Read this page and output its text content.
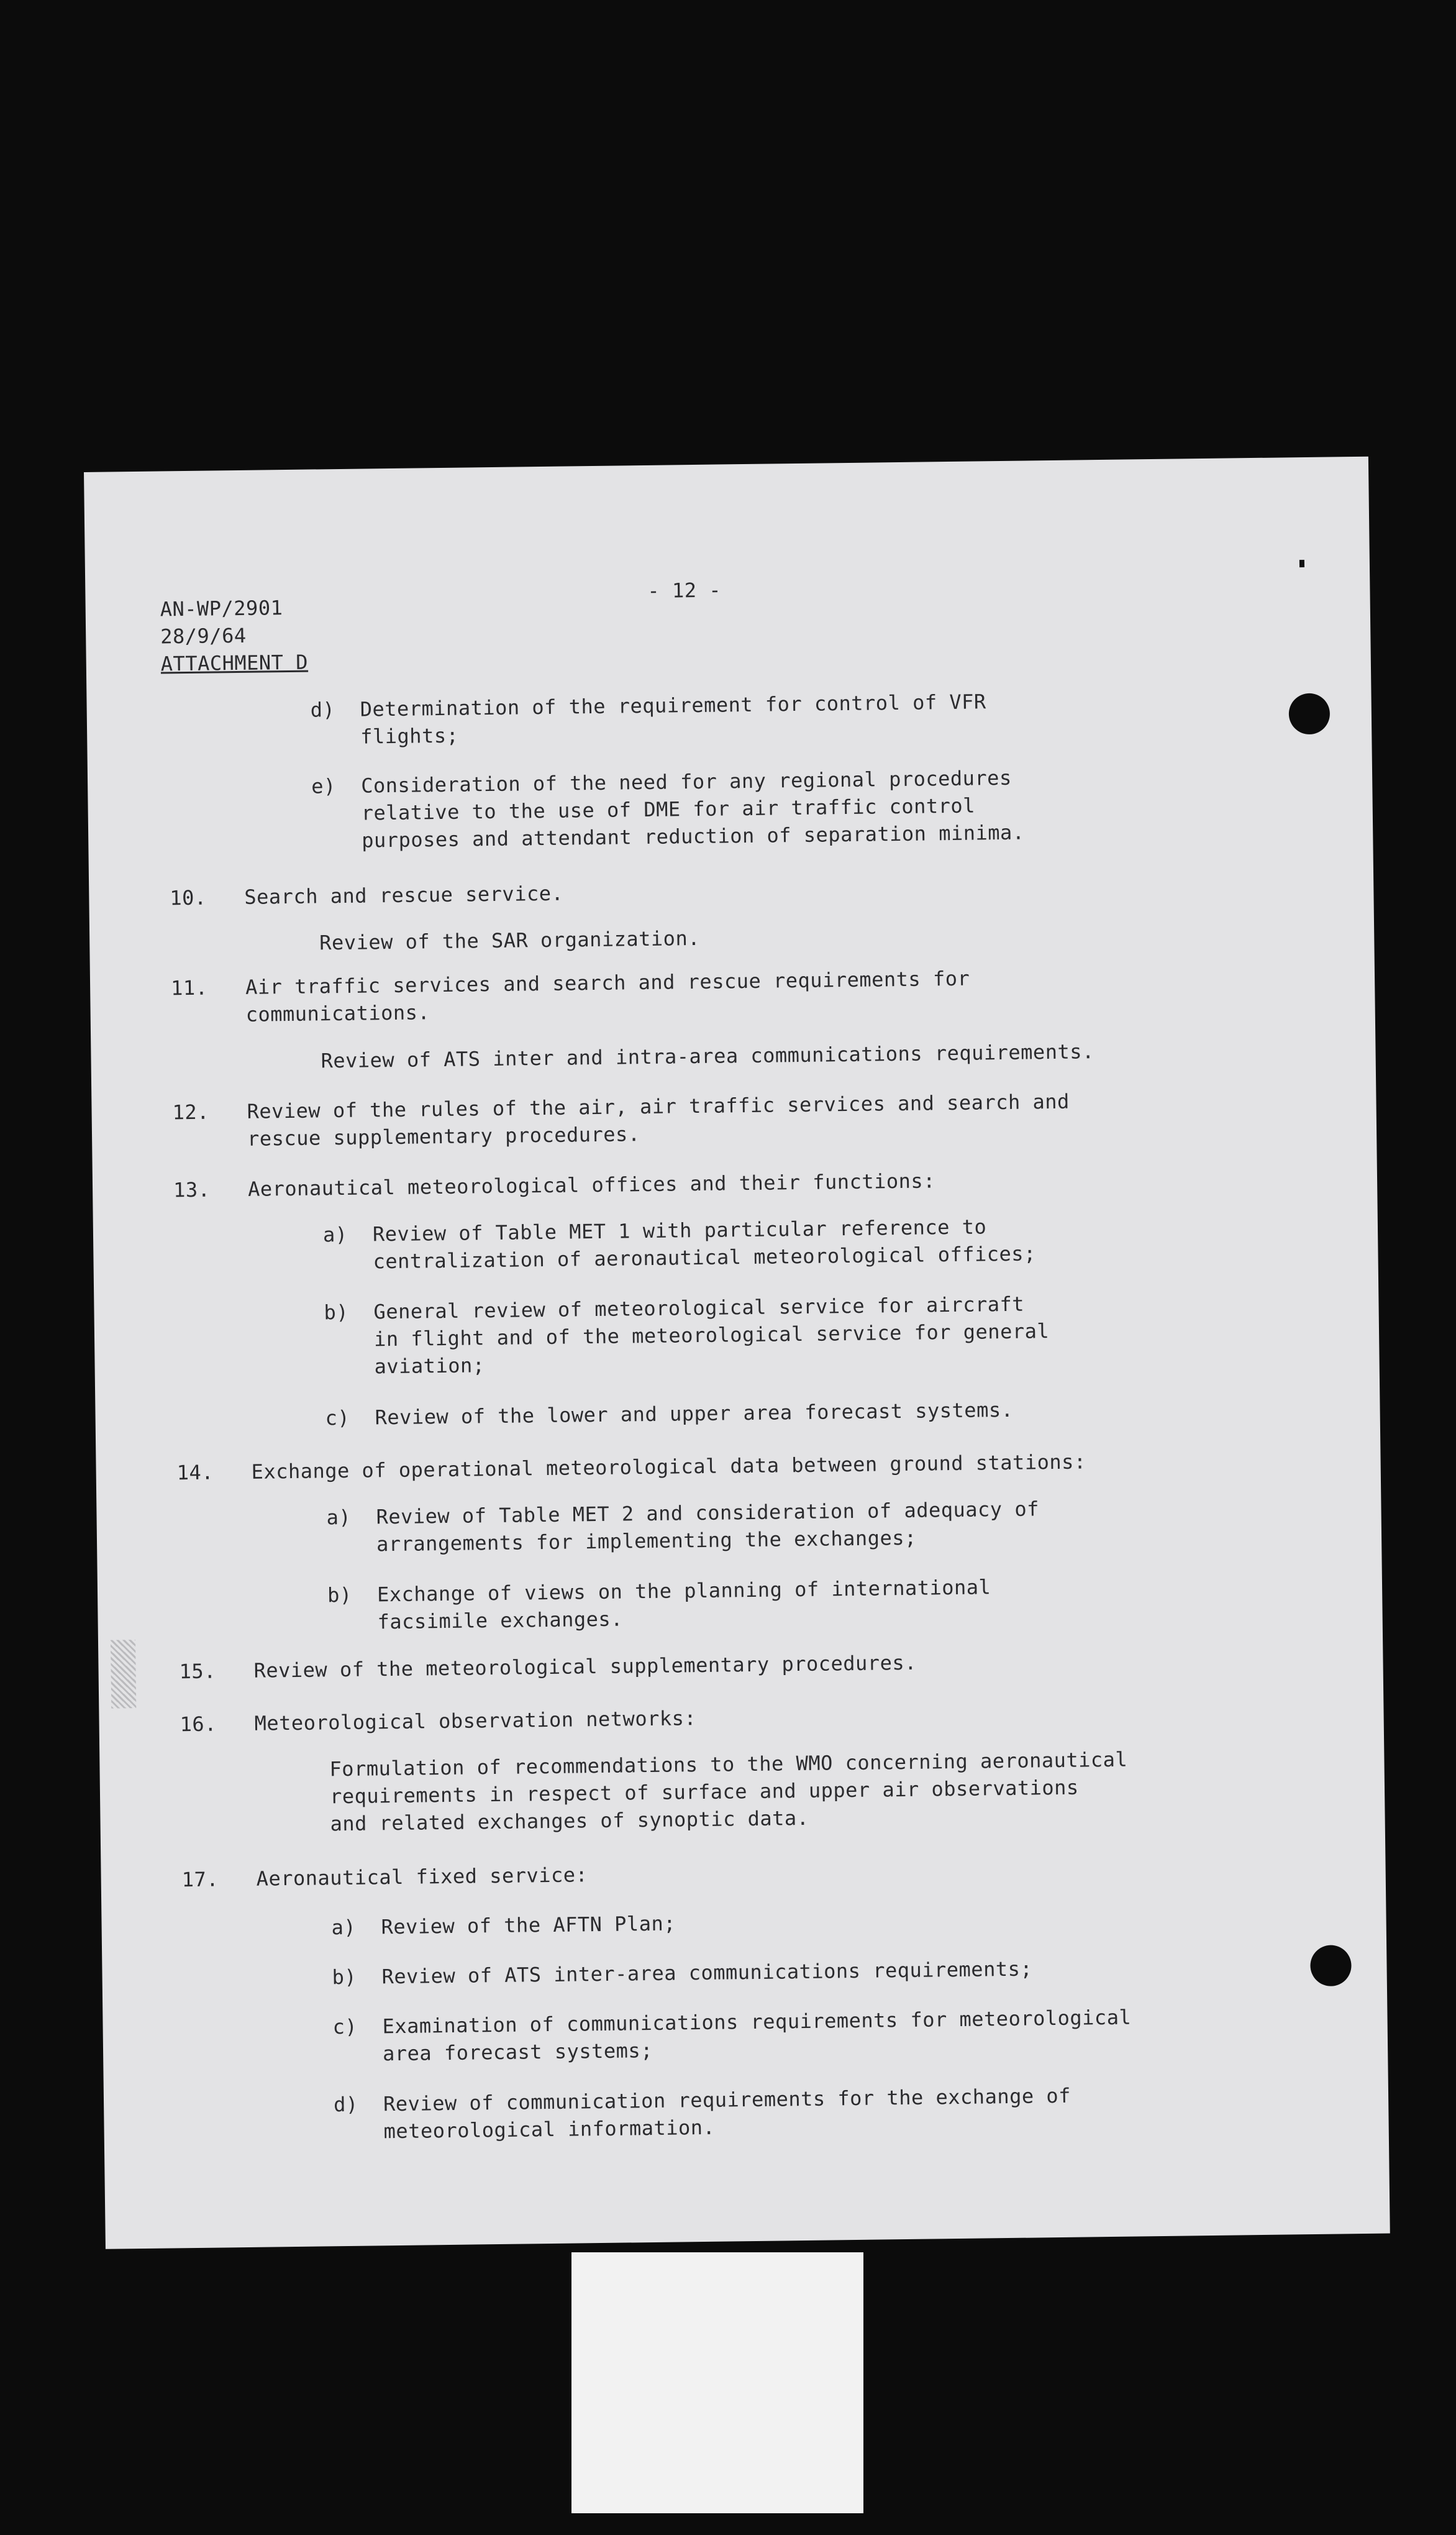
AN-WP/2901
28/9/64
ATTACHMENT D
- 12 -
d) Determination of the requirement for control of VFR
flights;
e) Consideration of the need for any regional procedures
relative to the use of DME for air traffic control
purposes and attendant reduction of separation minima.
10. Search and rescue service.
Review of the SAR organization.
11. Air traffic services and search and rescue requirements for
communications.
Review of ATS inter and intra-area communications requirements.
12. Review of the rules of the air, air traffic services and search and
rescue supplementary procedures.
13. Aeronautical meteorological offices and their functions:
a) Review of Table MET 1 with particular reference to
centralization of aeronautical meteorological offices;
b) General review of meteorological service for aircraft
in flight and of the meteorological service for general
aviation;
c) Review of the lower and upper area forecast systems.
14. Exchange of operational meteorological data between ground stations:
a) Review of Table MET 2 and consideration of adequacy of
arrangements for implementing the exchanges;
b) Exchange of views on the planning of international
facsimile exchanges.
15. Review of the meteorological supplementary procedures.
16. Meteorological observation networks:
Formulation of recommendations to the WMO concerning aeronautical
requirements in respect of surface and upper air observations
and related exchanges of synoptic data.
17. Aeronautical fixed service:
a) Review of the AFTN Plan;
b) Review of ATS inter-area communications requirements;
c) Examination of communications requirements for meteorological
area forecast systems;
d) Review of communication requirements for the exchange of
meteorological information.
